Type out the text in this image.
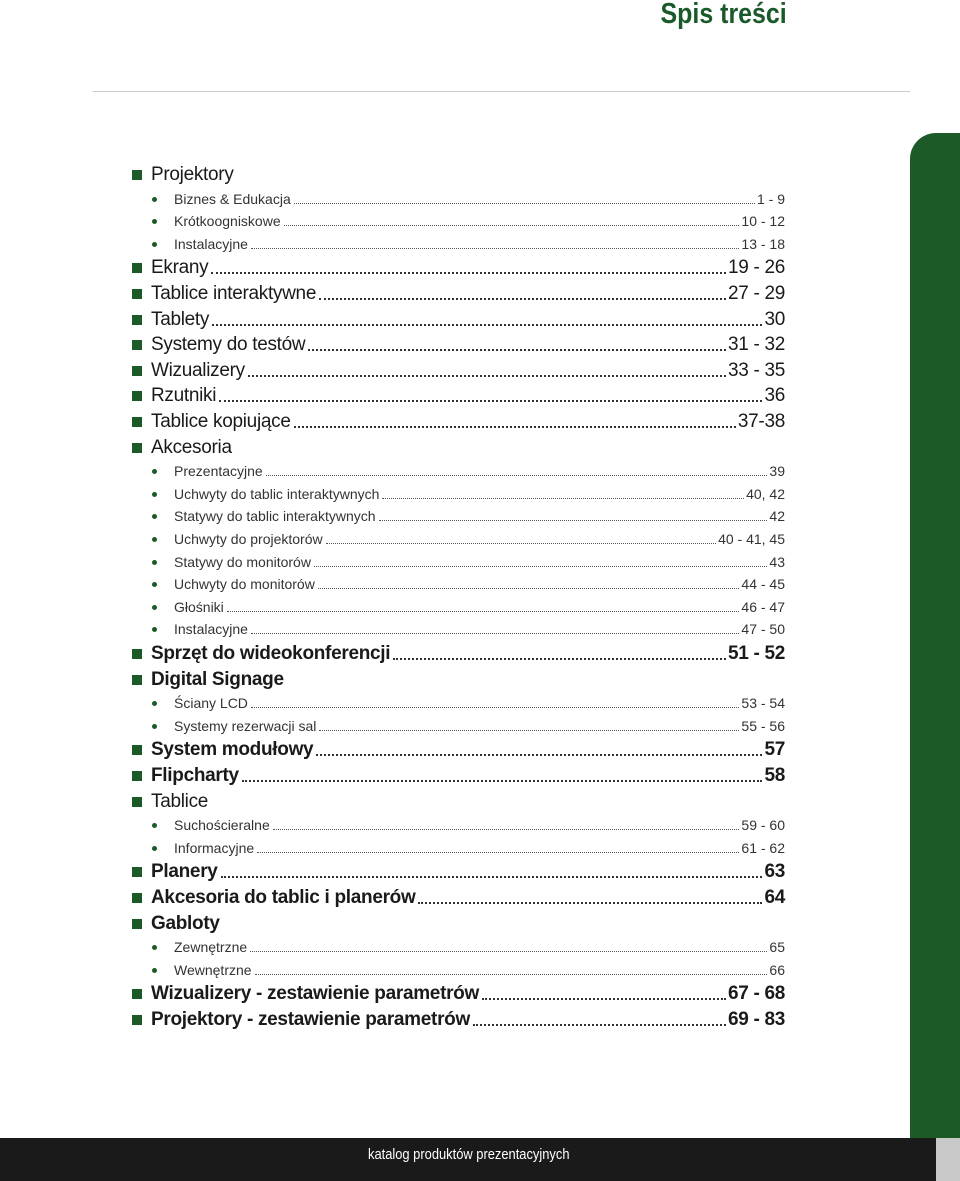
Spis treści
Projektory
Biznes & Edukacja	1 - 9
Krótkoogniskowe	10 - 12
Instalacyjne	13 - 18
Ekrany	19 - 26
Tablice interaktywne	27 - 29
Tablety	30
Systemy do testów	31 - 32
Wizualizery	33 - 35
Rzutniki	36
Tablice kopiujące	37-38
Akcesoria
Prezentacyjne	39
Uchwyty do tablic interaktywnych	40, 42
Statywy do tablic interaktywnych	42
Uchwyty do projektorów	40 - 41, 45
Statywy do monitorów	43
Uchwyty do monitorów	44 - 45
Głośniki	46 - 47
Instalacyjne	47 - 50
Sprzęt do wideokonferencji	51 - 52
Digital Signage
Ściany LCD	53 - 54
Systemy rezerwacji sal	55 - 56
System modułowy	57
Flipcharty	58
Tablice
Suchościeralne	59 - 60
Informacyjne	61 - 62
Planery	63
Akcesoria do tablic i planerów	64
Gabloty
Zewnętrzne	65
Wewnętrzne	66
Wizualizery - zestawienie parametrów	67 - 68
Projektory - zestawienie parametrów	69 - 83
katalog produktów prezentacyjnych
